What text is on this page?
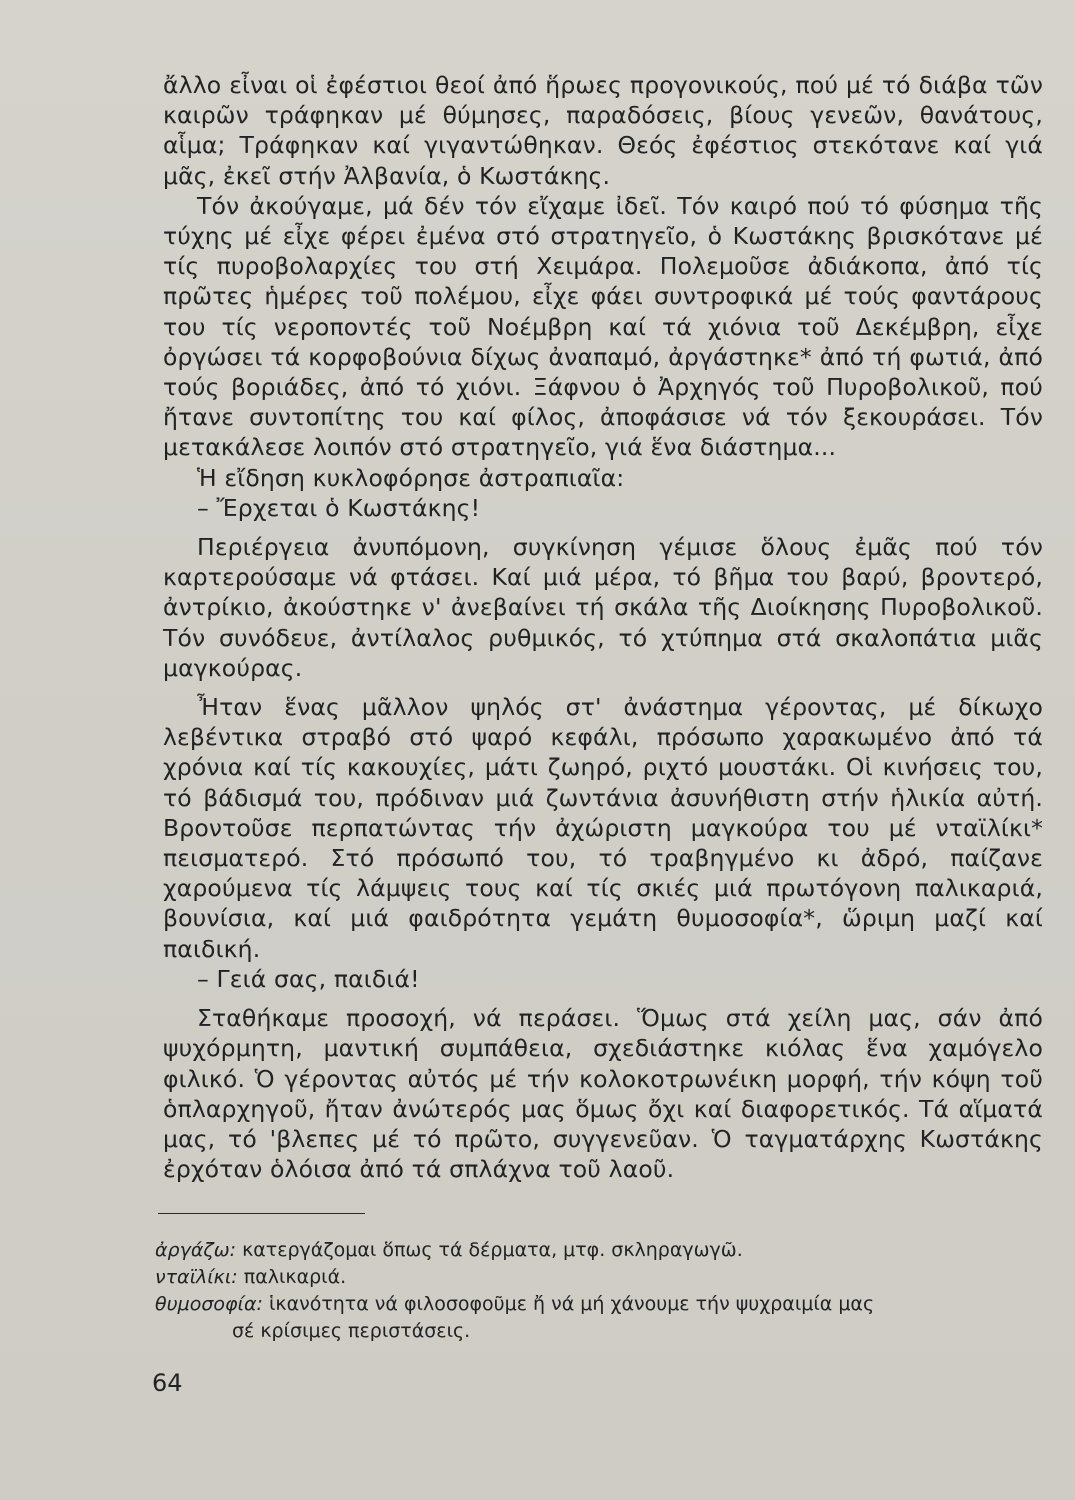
ἄλλο εἶναι οἱ ἐφέστιοι θεοί ἀπό ἥρωες προγονικούς, πού μέ τό διάβα τῶν καιρῶν τράφηκαν μέ θύμησες, παραδόσεις, βίους γενεῶν, θανάτους, αἷμα; Τράφηκαν καί γιγαντώθηκαν. Θεός ἐφέστιος στεκότανε καί γιά μᾶς, ἐκεῖ στήν Ἀλβανία, ὁ Κωστάκης.

Τόν ἀκούγαμε, μά δέν τόν εἴχαμε ἰδεῖ. Τόν καιρό πού τό φύσημα τῆς τύχης μέ εἶχε φέρει ἐμένα στό στρατηγεῖο, ὁ Κωστάκης βρισκότανε μέ τίς πυροβολαρχίες του στή Χειμάρα. Πολεμοῦσε ἀδιάκοπα, ἀπό τίς πρῶτες ἡμέρες τοῦ πολέμου, εἶχε φάει συντροφικά μέ τούς φαντάρους του τίς νεροποντές τοῦ Νοέμβρη καί τά χιόνια τοῦ Δεκέμβρη, εἶχε ὀργώσει τά κορφοβούνια δίχως ἀναπαμό, ἀργάστηκε* ἀπό τή φωτιά, ἀπό τούς βοριάδες, ἀπό τό χιόνι. Ξάφνου ὁ Ἀρχηγός τοῦ Πυροβολικοῦ, πού ἤτανε συντοπίτης του καί φίλος, ἀποφάσισε νά τόν ξεκουράσει. Τόν μετακάλεσε λοιπόν στό στρατηγεῖο, γιά ἕνα διάστημα...

Ἡ εἴδηση κυκλοφόρησε ἀστραπιαῖα:

– Ἔρχεται ὁ Κωστάκης!

Περιέργεια ἀνυπόμονη, συγκίνηση γέμισε ὅλους ἐμᾶς πού τόν καρτερούσαμε νά φτάσει. Καί μιά μέρα, τό βῆμα του βαρύ, βροντερό, ἀντρίκιο, ἀκούστηκε ν' ἀνεβαίνει τή σκάλα τῆς Διοίκησης Πυροβολικοῦ. Τόν συνόδευε, ἀντίλαλος ρυθμικός, τό χτύπημα στά σκαλοπάτια μιᾶς μαγκούρας.

Ἦταν ἕνας μᾶλλον ψηλός στ' ἀνάστημα γέροντας, μέ δίκωχο λεβέντικα στραβό στό ψαρό κεφάλι, πρόσωπο χαρακωμένο ἀπό τά χρόνια καί τίς κακουχίες, μάτι ζωηρό, ριχτό μουστάκι. Οἱ κινήσεις του, τό βάδισμά του, πρόδιναν μιά ζωντάνια ἀσυνήθιστη στήν ἡλικία αὐτή. Βροντοῦσε περπατώντας τήν ἀχώριστη μαγκούρα του μέ νταϊλίκι* πεισματερό. Στό πρόσωπό του, τό τραβηγμένο κι ἀδρό, παίζανε χαρούμενα τίς λάμψεις τους καί τίς σκιές μιά πρωτόγονη παλικαριά, βουνίσια, καί μιά φαιδρότητα γεμάτη θυμοσοφία*, ὥριμη μαζί καί παιδική.

– Γειά σας, παιδιά!

Σταθήκαμε προσοχή, νά περάσει. Ὅμως στά χείλη μας, σάν ἀπό ψυχόρμητη, μαντική συμπάθεια, σχεδιάστηκε κιόλας ἕνα χαμόγελο φιλικό. Ὁ γέροντας αὐτός μέ τήν κολοκοτρωνέικη μορφή, τήν κόψη τοῦ ὁπλαρχηγοῦ, ἤταν ἀνώτερός μας ὅμως ὄχι καί διαφορετικός. Τά αἵματά μας, τό 'βλεπες μέ τό πρῶτο, συγγενεῦαν. Ὁ ταγματάρχης Κωστάκης ἐρχόταν ὁλόισα ἀπό τά σπλάχνα τοῦ λαοῦ.

ἀργάζω: κατεργάζομαι ὅπως τά δέρματα, μτφ. σκληραγωγῶ.
νταϊλίκι: παλικαριά.
θυμοσοφία: ἱκανότητα νά φιλοσοφοῦμε ἤ νά μή χάνουμε τήν ψυχραιμία μας
σέ κρίσιμες περιστάσεις.
64
